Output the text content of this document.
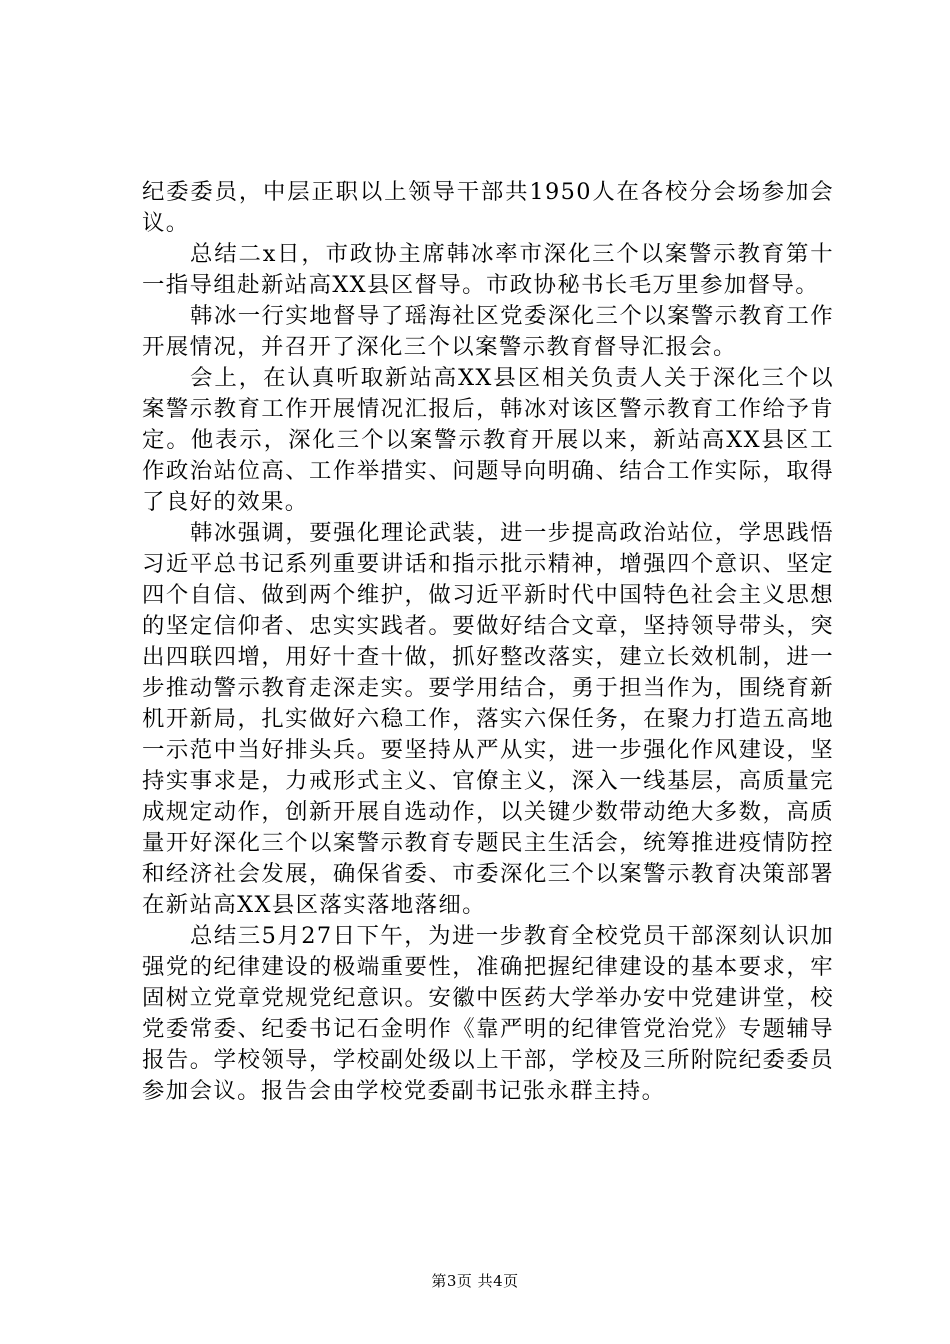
纪委委员，中层正职以上领导干部共1950人在各校分会场参加会议。

总结二x日，市政协主席韩冰率市深化三个以案警示教育第十一指导组赴新站高XX县区督导。市政协秘书长毛万里参加督导。

韩冰一行实地督导了瑶海社区党委深化三个以案警示教育工作开展情况，并召开了深化三个以案警示教育督导汇报会。

会上，在认真听取新站高XX县区相关负责人关于深化三个以案警示教育工作开展情况汇报后，韩冰对该区警示教育工作给予肯定。他表示，深化三个以案警示教育开展以来，新站高XX县区工作政治站位高、工作举措实、问题导向明确、结合工作实际，取得了良好的效果。

韩冰强调，要强化理论武装，进一步提高政治站位，学思践悟习近平总书记系列重要讲话和指示批示精神，增强四个意识、坚定四个自信、做到两个维护，做习近平新时代中国特色社会主义思想的坚定信仰者、忠实实践者。要做好结合文章，坚持领导带头，突出四联四增，用好十查十做，抓好整改落实，建立长效机制，进一步推动警示教育走深走实。要学用结合，勇于担当作为，围绕育新机开新局，扎实做好六稳工作，落实六保任务，在聚力打造五高地一示范中当好排头兵。要坚持从严从实，进一步强化作风建设，坚持实事求是，力戒形式主义、官僚主义，深入一线基层，高质量完成规定动作，创新开展自选动作，以关键少数带动绝大多数，高质量开好深化三个以案警示教育专题民主生活会，统筹推进疫情防控和经济社会发展，确保省委、市委深化三个以案警示教育决策部署在新站高XX县区落实落地落细。

总结三5月27日下午，为进一步教育全校党员干部深刻认识加强党的纪律建设的极端重要性，准确把握纪律建设的基本要求，牢固树立党章党规党纪意识。安徽中医药大学举办安中党建讲堂，校党委常委、纪委书记石金明作《靠严明的纪律管党治党》专题辅导报告。学校领导，学校副处级以上干部，学校及三所附院纪委委员参加会议。报告会由学校党委副书记张永群主持。

第3页 共4页
